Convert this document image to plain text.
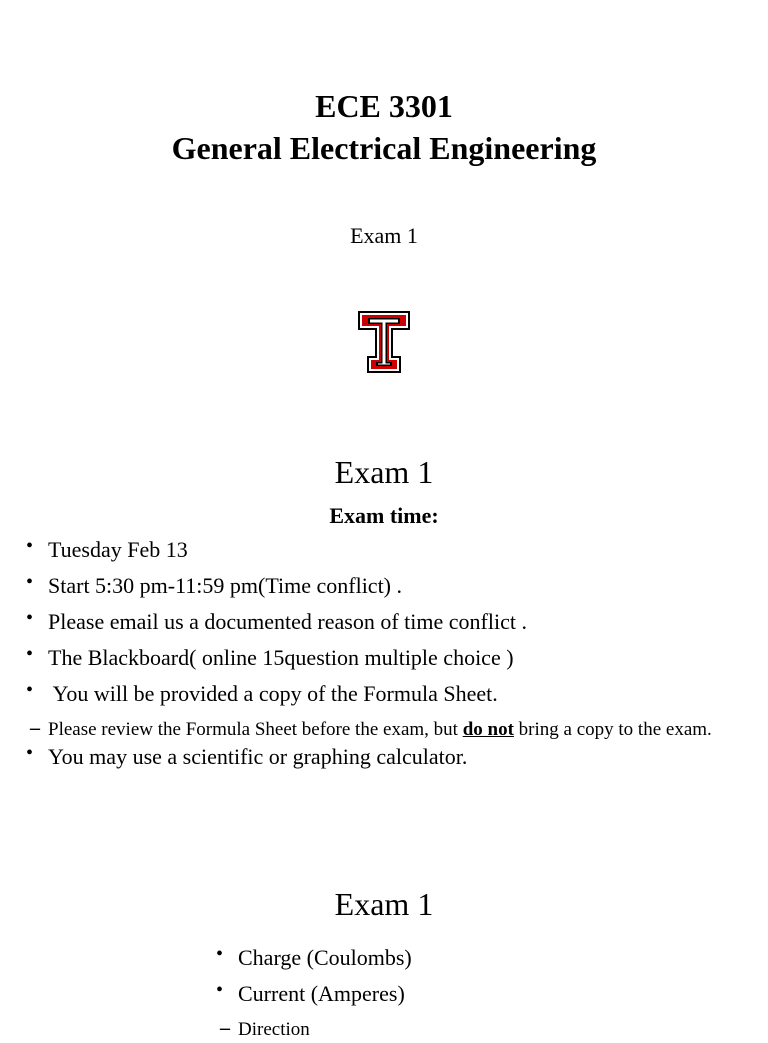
ECE 3301
General Electrical Engineering
Exam 1
Exam 1
Exam time:
• Tuesday Feb 13
• Start 5:30 pm-11:59 pm(Time conflict) .
• Please email us a documented reason of time conflict .
• The Blackboard( online 15question multiple choice )
•  You will be provided a copy of the Formula Sheet.
– Please review the Formula Sheet before the exam, but do not bring a copy to the exam.
• You may use a scientific or graphing calculator.
Exam 1
• Charge (Coulombs)
• Current (Amperes)
– Direction
